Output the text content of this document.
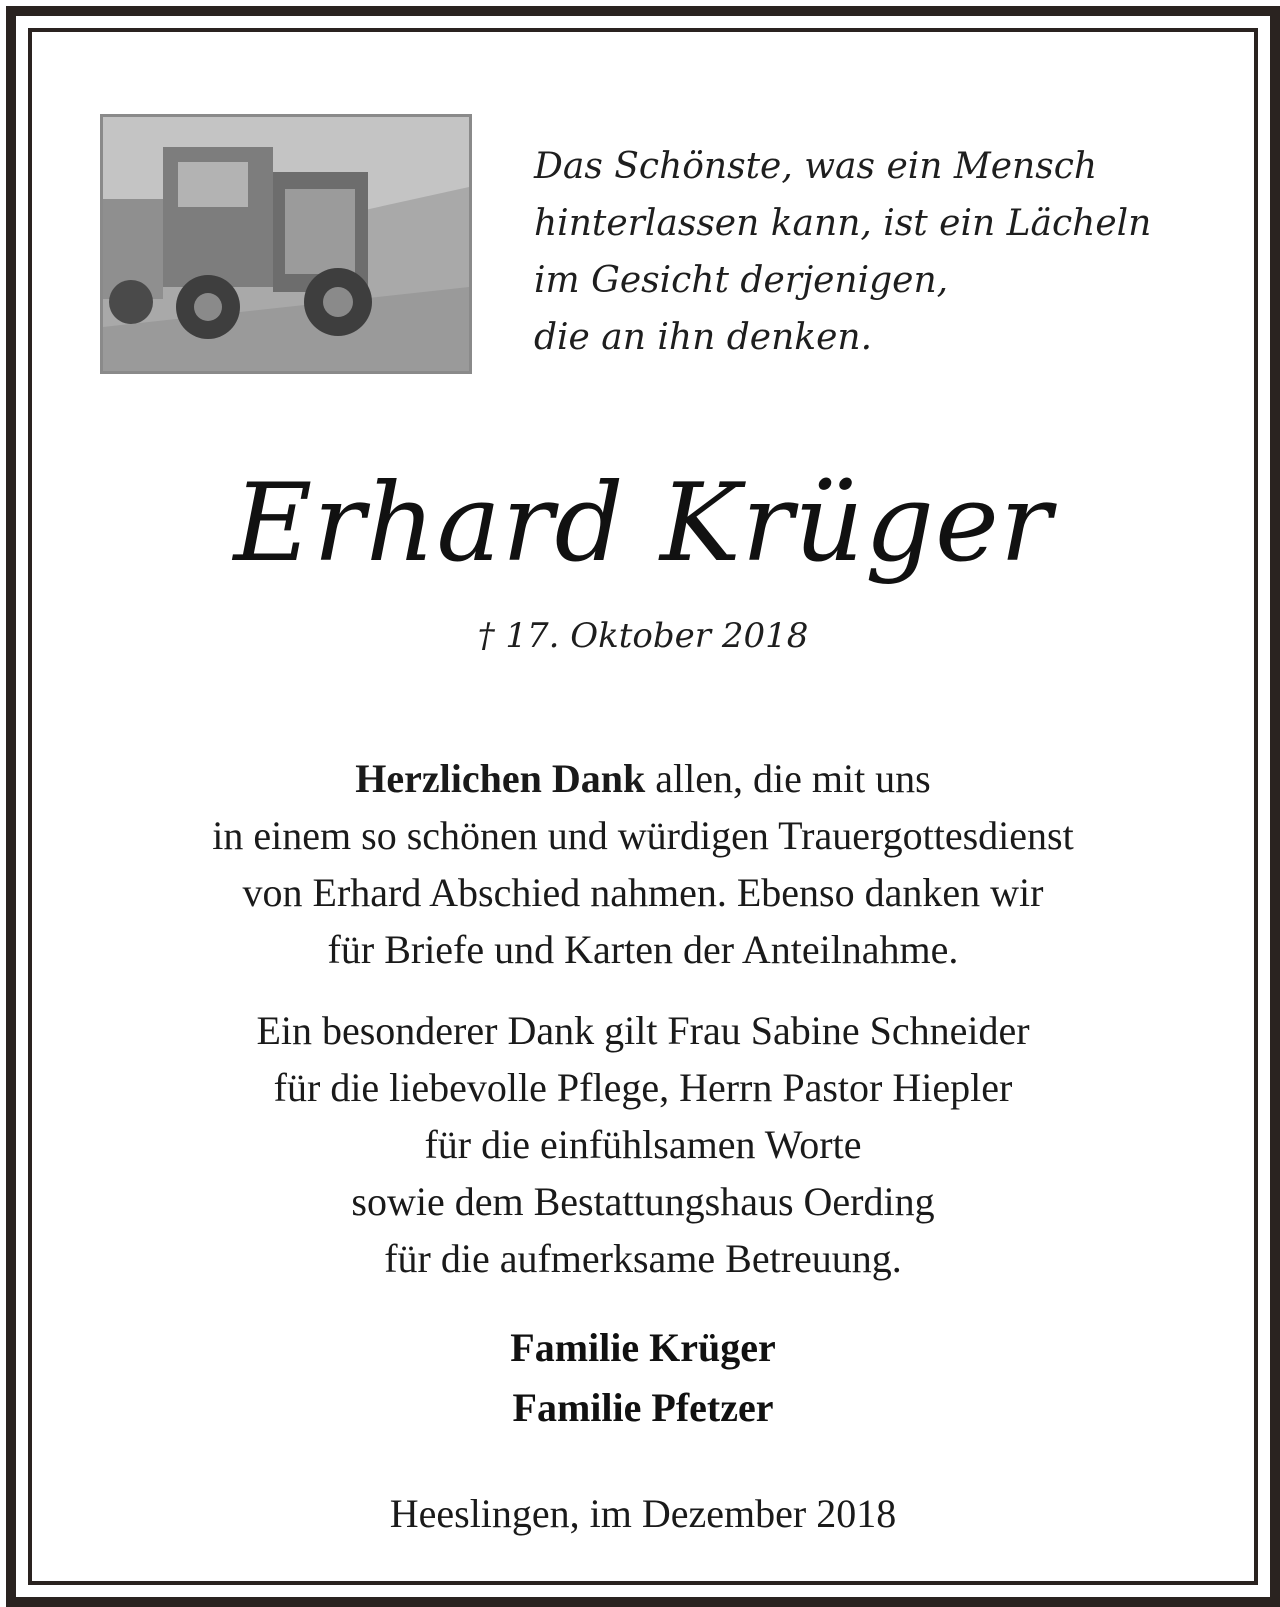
Das Schönste, was ein Mensch
hinterlassen kann, ist ein Lächeln
im Gesicht derjenigen,
die an ihn denken.
Erhard Krüger
† 17. Oktober 2018
Herzlichen Dank allen, die mit uns
in einem so schönen und würdigen Trauergottesdienst
von Erhard Abschied nahmen. Ebenso danken wir
für Briefe und Karten der Anteilnahme.
Ein besonderer Dank gilt Frau Sabine Schneider
für die liebevolle Pflege, Herrn Pastor Hiepler
für die einfühlsamen Worte
sowie dem Bestattungshaus Oerding
für die aufmerksame Betreuung.
Familie Krüger
Familie Pfetzer
Heeslingen, im Dezember 2018
